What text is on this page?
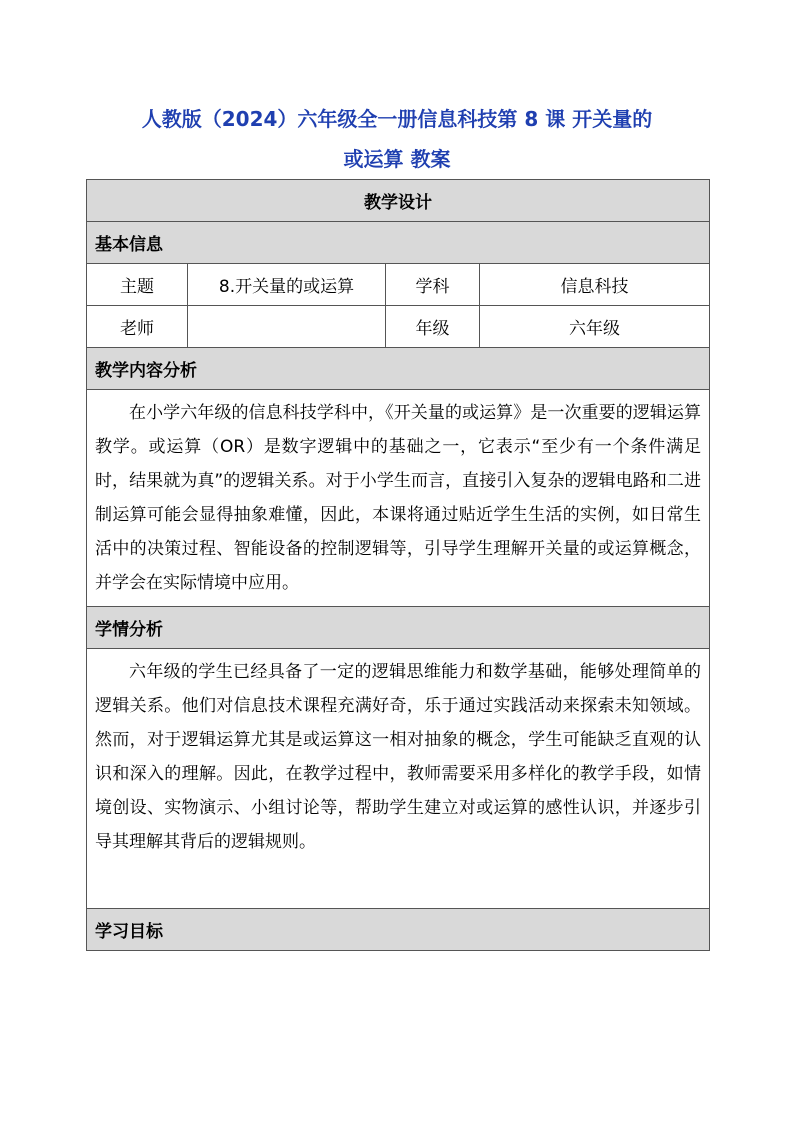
人教版（2024）六年级全一册信息科技第 8 课 开关量的
或运算 教案
教学设计			
基本信息			
主题	8.开关量的或运算	学科	信息科技
老师		年级	六年级
教学内容分析			
在小学六年级的信息科技学科中，《开关量的或运算》是一次重要的逻辑运算教学。或运算（OR）是数字逻辑中的基础之一，它表示“至少有一个条件满足时，结果就为真”的逻辑关系。对于小学生而言，直接引入复杂的逻辑电路和二进制运算可能会显得抽象难懂，因此，本课将通过贴近学生生活的实例，如日常生活中的决策过程、智能设备的控制逻辑等，引导学生理解开关量的或运算概念，并学会在实际情境中应用。			
学情分析			
六年级的学生已经具备了一定的逻辑思维能力和数学基础，能够处理简单的逻辑关系。他们对信息技术课程充满好奇，乐于通过实践活动来探索未知领域。然而，对于逻辑运算尤其是或运算这一相对抽象的概念，学生可能缺乏直观的认识和深入的理解。因此，在教学过程中，教师需要采用多样化的教学手段，如情境创设、实物演示、小组讨论等，帮助学生建立对或运算的感性认识，并逐步引导其理解其背后的逻辑规则。			
学习目标			
